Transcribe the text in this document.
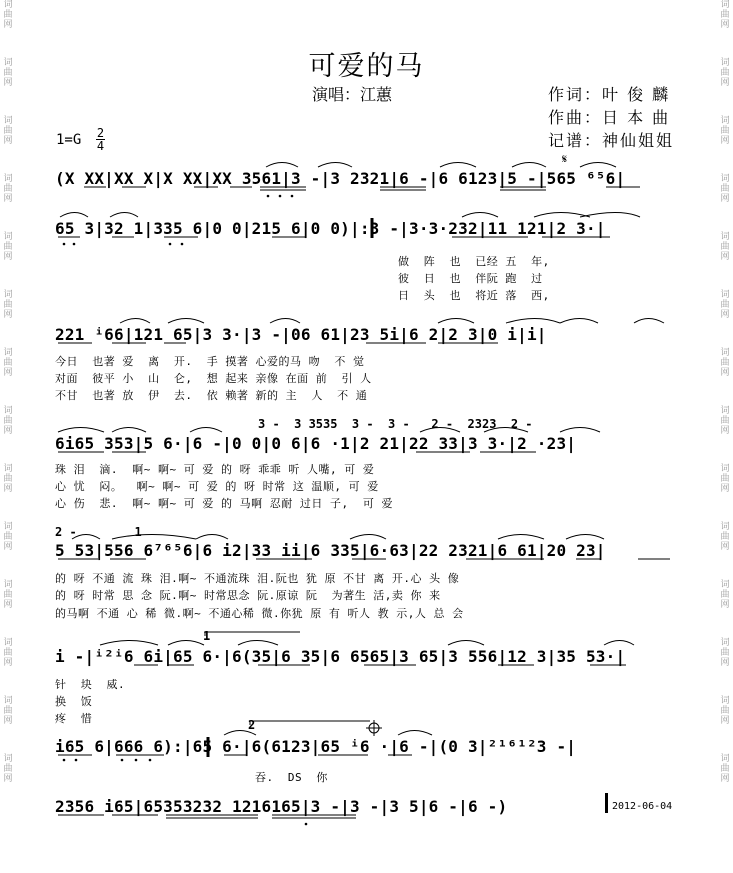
词曲网
词曲网
词曲网
词曲网
词曲网
词曲网
词曲网
词曲网
词曲网
词曲网
词曲网
词曲网
词曲网
词曲网
词曲网
词曲网
词曲网
词曲网
词曲网
词曲网
词曲网
词曲网
词曲网
词曲网
词曲网
词曲网
词曲网
词曲网
可爱的马
演唱：江蕙	作词：叶 俊 麟
作曲：日 本 曲
记谱：神仙姐姐
1=G 2
4
(X XX|XX X|X XX|XX 3561|3 -|3 2321|6 -|6 6123|5 -|565 ⁶⁵6|
65 3|32 1|335 6|0 0|215 6|0 0)|:3 -|3·3·232|11 121|2 3·|
做  阵  也  已经 五  年,
彼  日  也  伴阮 跑  过
日  头  也  将近 落  西,
221 ⁱ66|121 65|3 3·|3 -|06 61|23 5i|6 2|2 3|0 i|i|
今日  也著 爱  离  开.  手 摸著 心爱的马 吻  不 觉
对面  彼平 小  山  仑,  想 起来 亲像 在面 前  引 人
不甘  也著 放  伊  去.  依 赖著 新的 主  人  不 通
3 -  3 3535  3 -  3 -   2 -  2323  2 -
6i65 353|5 6·|6 -|0 0|0 6|6 ·1|2 21|22 33|3 3·|2 ·23|
珠 泪  滴.  啊~ 啊~ 可 爱 的 呀 乖乖 听 人嘴, 可 爱
心 忧  闷。  啊~ 啊~ 可 爱 的 呀 时常 这 温顺, 可 爱
心 伤  悲.  啊~ 啊~ 可 爱 的 马啊 忍耐 过日 子,  可 爱
2 -        1
5 53|556 6⁷⁶⁵6|6 i2|33 ii|6 335|6·63|22 2321|6 61|20 23|
的 呀 不通 流 珠 泪.啊~ 不通流珠 泪.阮也 犹 原 不甘 离 开.心 头 像
的 呀 时常 思 念 阮.啊~ 时常思念 阮.原谅 阮  为著生 活,卖 你 来
的马啊 不通 心 稀 微.啊~ 不通心稀 微.你犹 原 有 听人 教 示,人 总 会
1
i -|ⁱ²ⁱ6 6i|65 6·|6(35|6 35|6 6565|3 65|3 556|12 3|35 53·|
针  块  威.
换  饭
疼  惜	2
i65 6|666 6):|65 6·|6(6123|65 ⁱ6 ·|6 -|(0 3|²¹⁶¹²3 -|
吞.  DS  你
2356 i65|65353232 1216165|3 -|3 -|3 5|6 -|6 -)	2012-06-04
𝄋
